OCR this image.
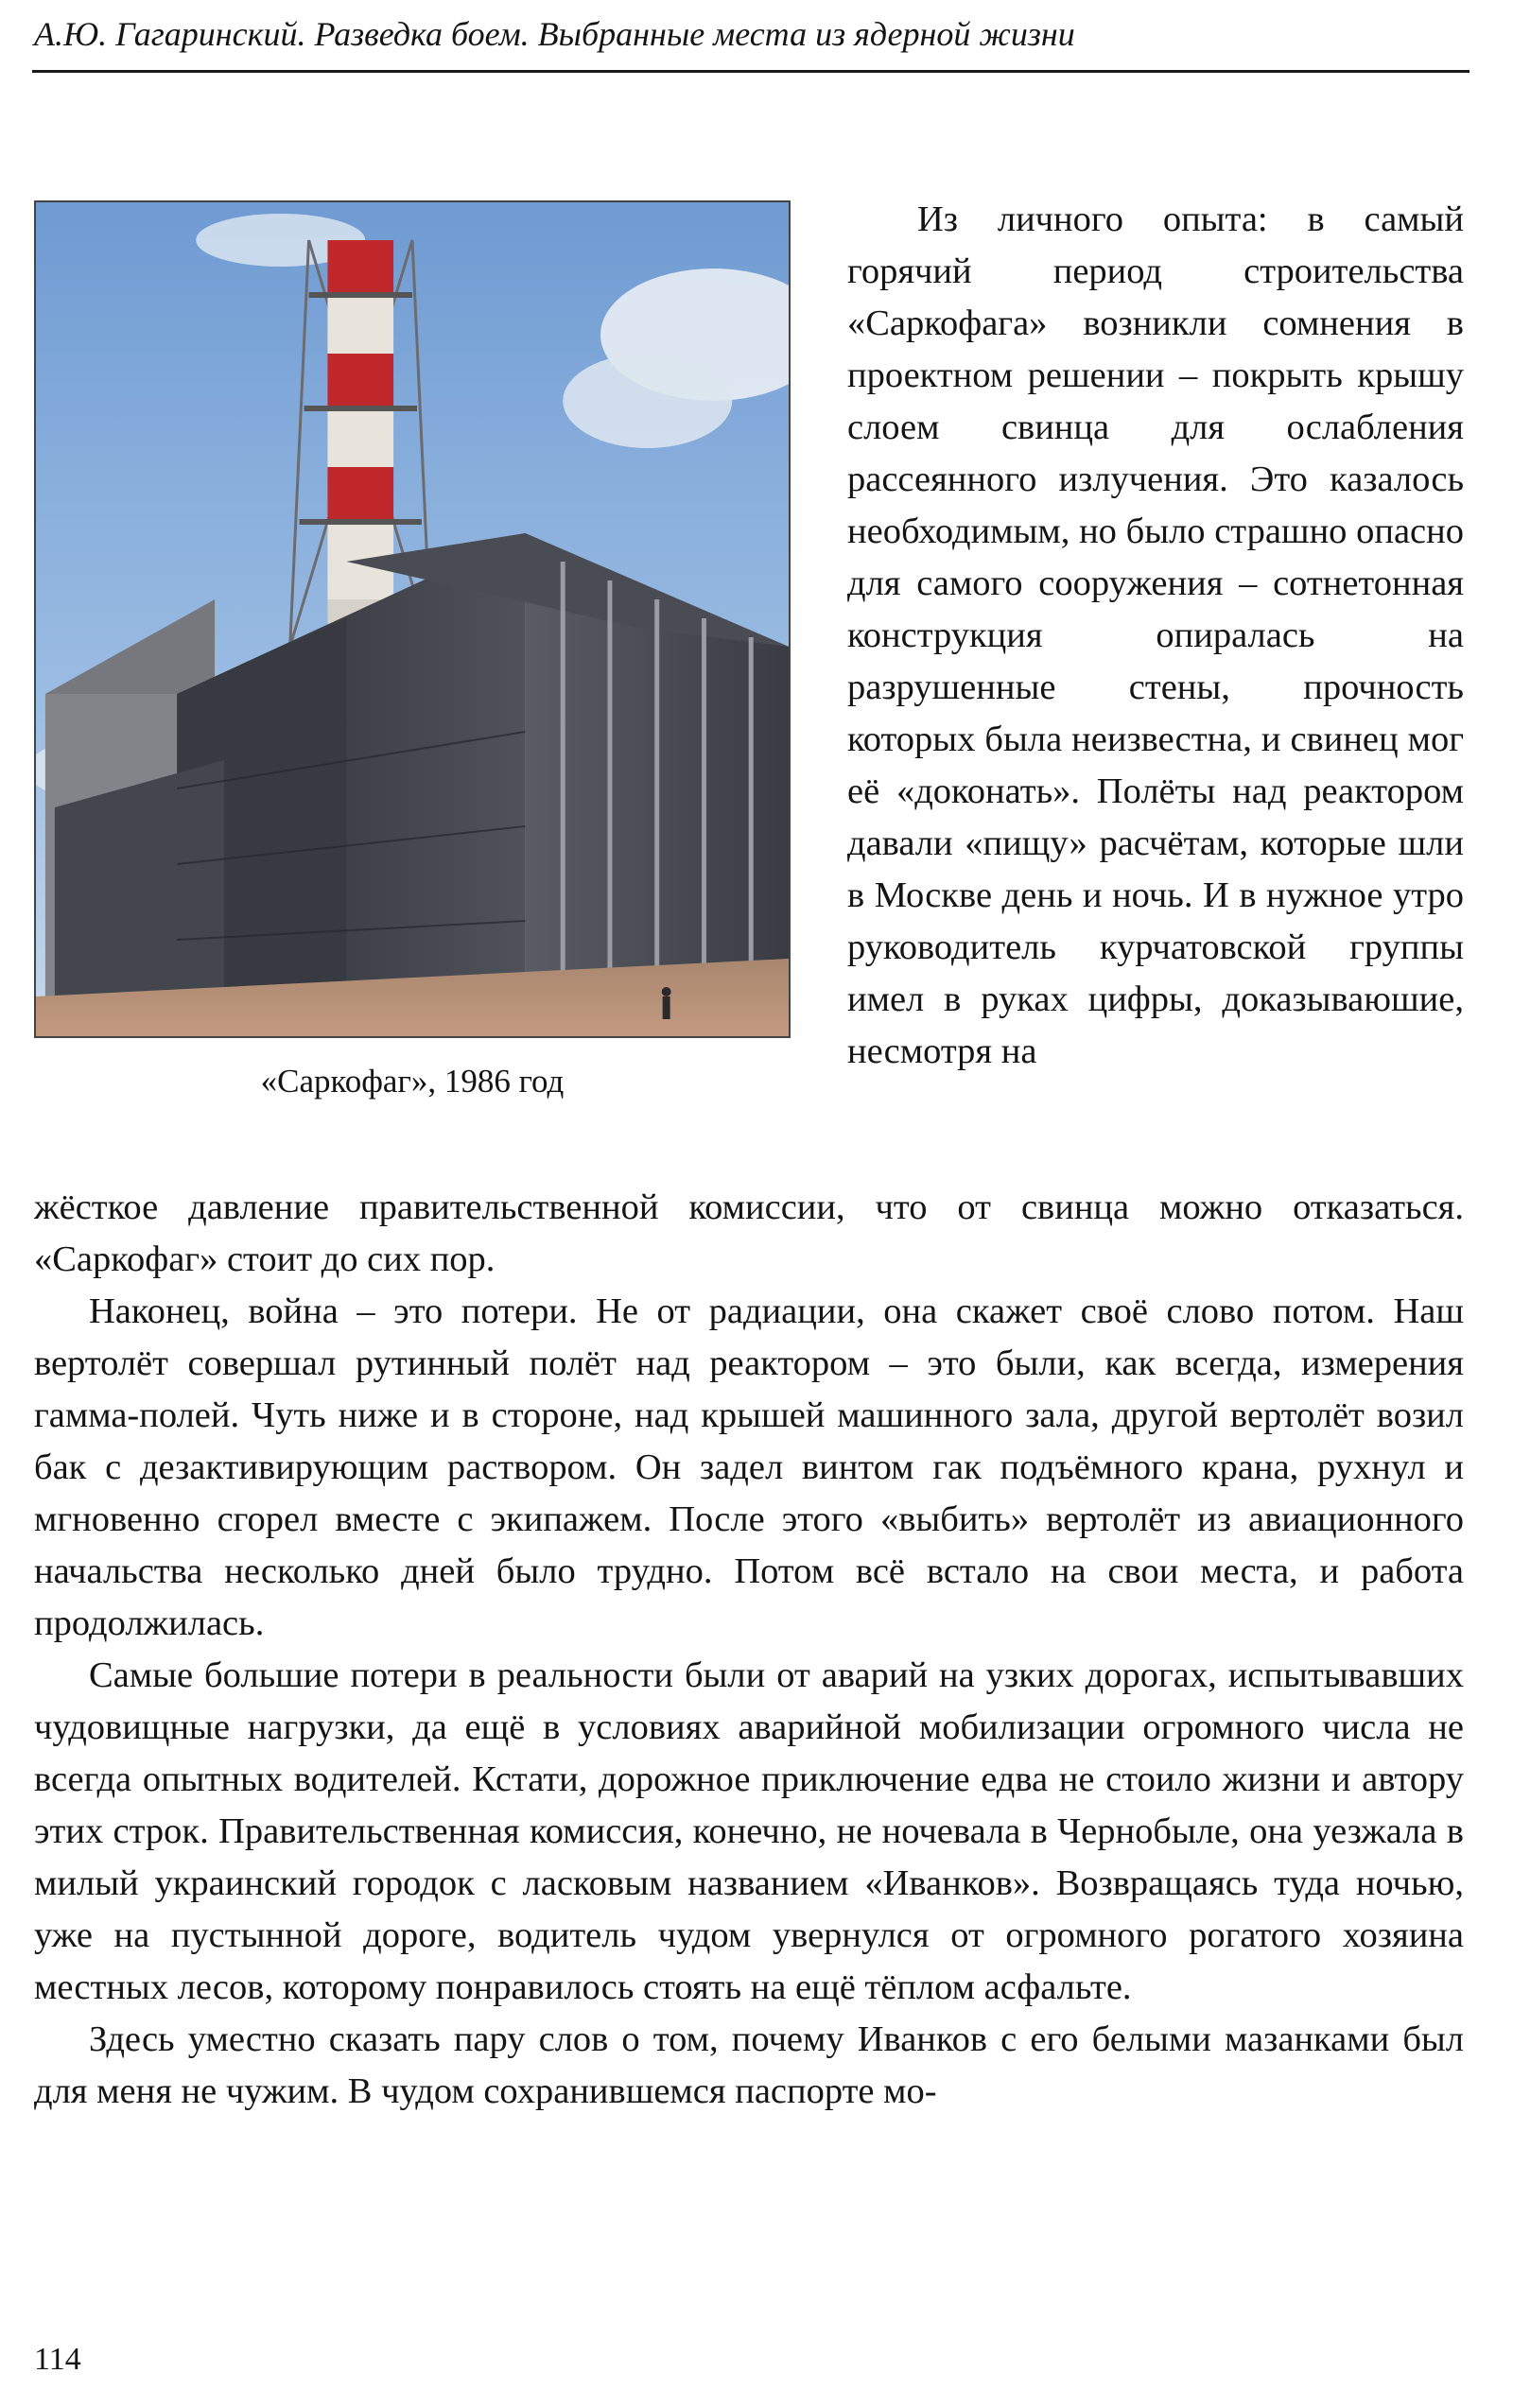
А.Ю. Гагаринский. Разведка боем. Выбранные места из ядерной жизни
«Саркофаг», 1986 год

Из личного опыта: в самый горячий период строительства «Саркофага» возникли сомнения в проектном решении – покрыть крышу слоем свинца для ослабления рассеянного излучения. Это казалось необходимым, но было страшно опасно для самого сооружения – сотнетонная конструкция опиралась на разрушенные стены, прочность которых была неизвестна, и свинец мог её «доконать». Полёты над реактором давали «пищу» расчётам, которые шли в Москве день и ночь. И в нужное утро руководитель курчатовской группы имел в руках цифры, доказываюшие, несмотря на

жёсткое давление правительственной комиссии, что от свинца можно отказаться. «Саркофаг» стоит до сих пор.

Наконец, война – это потери. Не от радиации, она скажет своё слово потом. Наш вертолёт совершал рутинный полёт над реактором – это были, как всегда, измерения гамма-полей. Чуть ниже и в стороне, над крышей машинного зала, другой вертолёт возил бак с дезактивирующим раствором. Он задел винтом гак подъёмного крана, рухнул и мгновенно сгорел вместе с экипажем. После этого «выбить» вертолёт из авиационного начальства несколько дней было трудно. Потом всё встало на свои места, и работа продолжилась.

Самые большие потери в реальности были от аварий на узких дорогах, испытывавших чудовищные нагрузки, да ещё в условиях аварийной мобилизации огромного числа не всегда опытных водителей. Кстати, дорожное приключение едва не стоило жизни и автору этих строк. Правительственная комиссия, конечно, не ночевала в Чернобыле, она уезжала в милый украинский городок с ласковым названием «Иванков». Возвращаясь туда ночью, уже на пустынной дороге, водитель чудом увернулся от огромного рогатого хозяина местных лесов, которому понравилось стоять на ещё тёплом асфальте.

Здесь уместно сказать пару слов о том, почему Иванков с его белыми мазанками был для меня не чужим. В чудом сохранившемся паспорте мо-

114
